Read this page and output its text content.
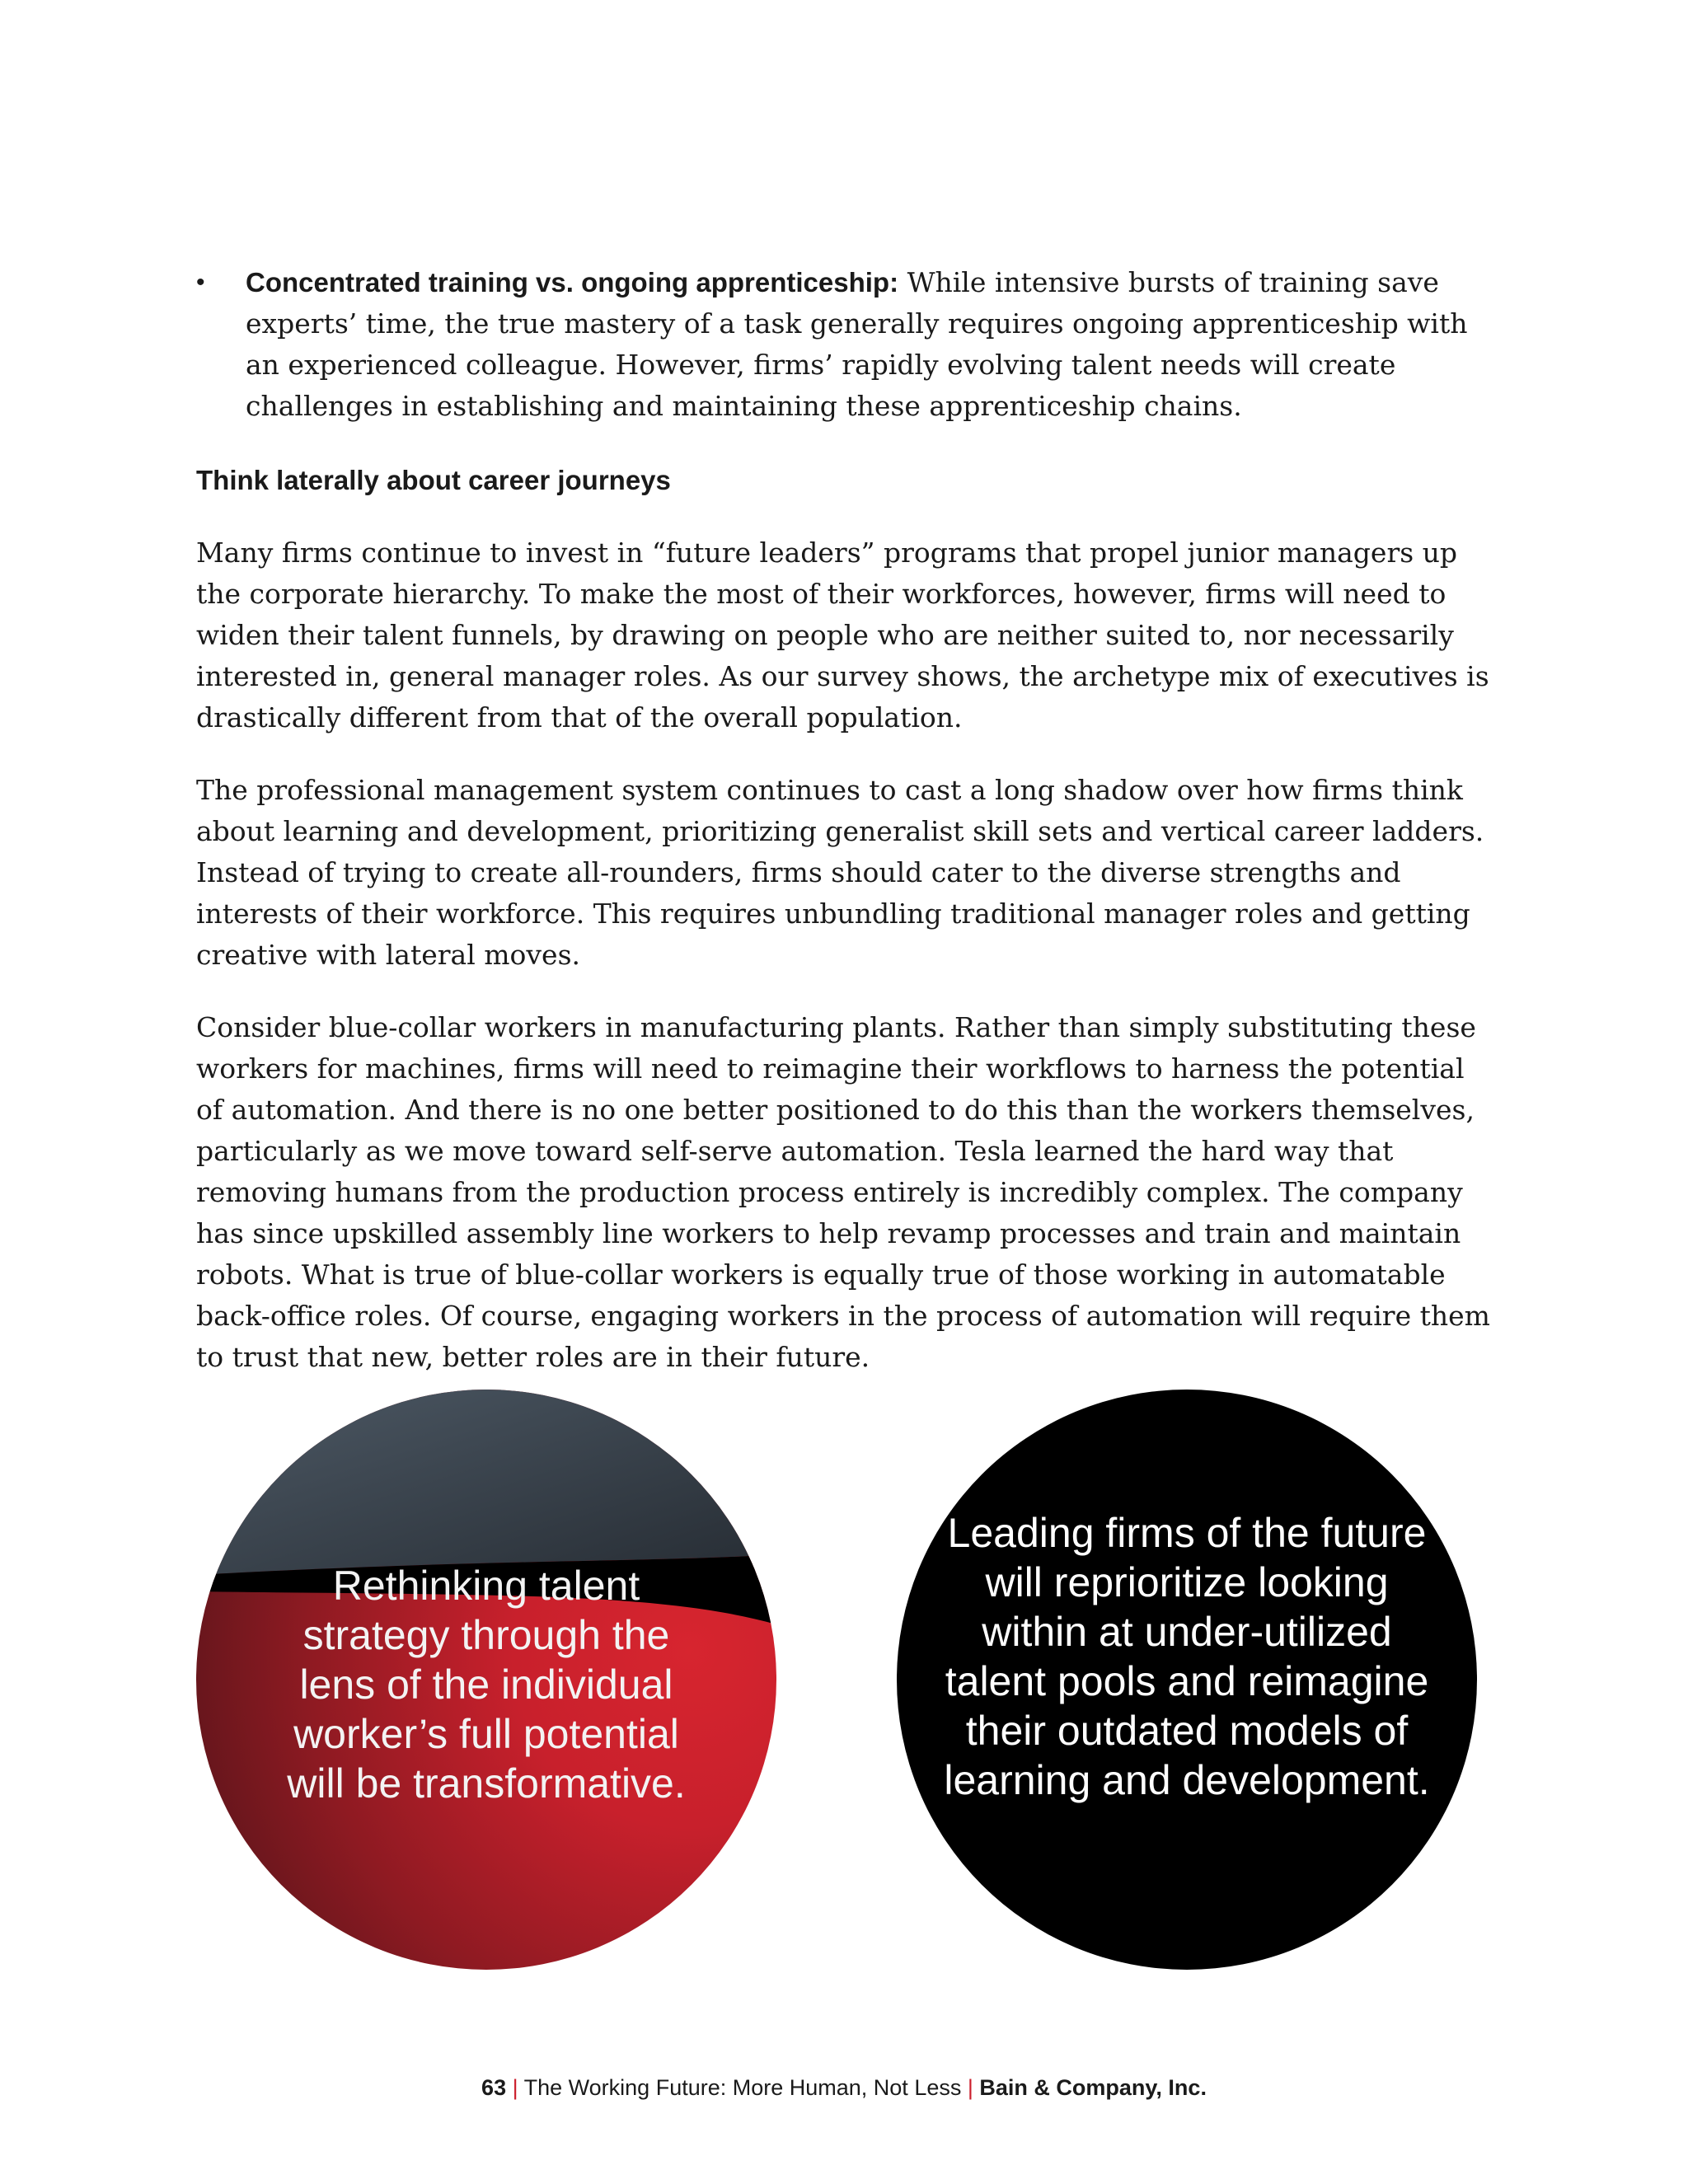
• Concentrated training vs. ongoing apprenticeship: While intensive bursts of training save experts’ time, the true mastery of a task generally requires ongoing apprenticeship with an experienced colleague. However, firms’ rapidly evolving talent needs will create challenges in establishing and maintaining these apprenticeship chains.

Think laterally about career journeys

Many firms continue to invest in “future leaders” programs that propel junior managers up the corporate hierarchy. To make the most of their workforces, however, firms will need to widen their talent funnels, by drawing on people who are neither suited to, nor necessarily interested in, general manager roles. As our survey shows, the archetype mix of executives is drastically different from that of the overall population.

The professional management system continues to cast a long shadow over how firms think about learning and development, prioritizing generalist skill sets and vertical career ladders. Instead of trying to create all-rounders, firms should cater to the diverse strengths and interests of their workforce. This requires unbundling traditional manager roles and getting creative with lateral moves.

Consider blue-collar workers in manufacturing plants. Rather than simply substituting these workers for machines, firms will need to reimagine their workflows to harness the potential of automation. And there is no one better positioned to do this than the workers themselves, particularly as we move toward self-serve automation. Tesla learned the hard way that removing humans from the production process entirely is incredibly complex. The company has since upskilled assembly line workers to help revamp processes and train and maintain robots. What is true of blue-collar workers is equally true of those working in automatable back-office roles. Of course, engaging workers in the process of automation will require them to trust that new, better roles are in their future.

Rethinking talent strategy through the lens of the individual worker’s full potential will be transformative.
Leading firms of the future will reprioritize looking within at under-utilized talent pools and reimagine their outdated models of learning and development.
63 | The Working Future: More Human, Not Less | Bain & Company, Inc.
